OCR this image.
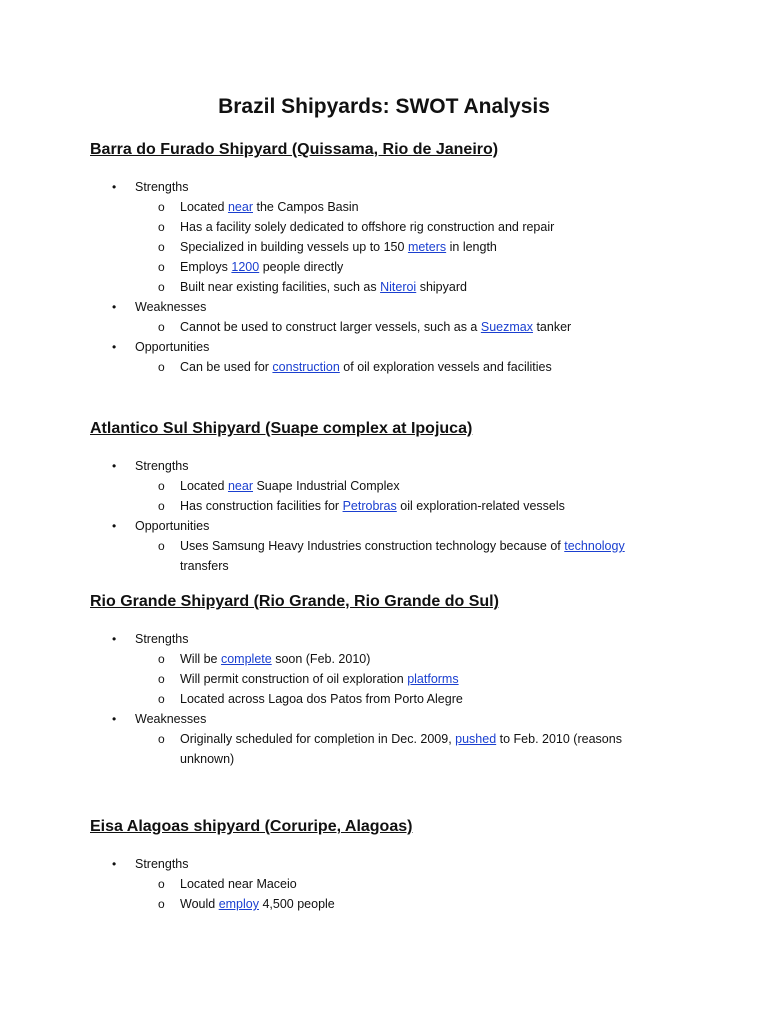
Brazil Shipyards: SWOT Analysis
Barra do Furado Shipyard (Quissama, Rio de Janeiro)
• Strengths
o Located near the Campos Basin
o Has a facility solely dedicated to offshore rig construction and repair
o Specialized in building vessels up to 150 meters in length
o Employs 1200 people directly
o Built near existing facilities, such as Niteroi shipyard
• Weaknesses
o Cannot be used to construct larger vessels, such as a Suezmax tanker
• Opportunities
o Can be used for construction of oil exploration vessels and facilities
Atlantico Sul Shipyard (Suape complex at Ipojuca)
• Strengths
o Located near Suape Industrial Complex
o Has construction facilities for Petrobras oil exploration-related vessels
• Opportunities
o Uses Samsung Heavy Industries construction technology because of technology
transfers
Rio Grande Shipyard (Rio Grande, Rio Grande do Sul)
• Strengths
o Will be complete soon (Feb. 2010)
o Will permit construction of oil exploration platforms
o Located across Lagoa dos Patos from Porto Alegre
• Weaknesses
o Originally scheduled for completion in Dec. 2009, pushed to Feb. 2010 (reasons
unknown)
Eisa Alagoas shipyard (Coruripe, Alagoas)
• Strengths
o Located near Maceio
o Would employ 4,500 people
